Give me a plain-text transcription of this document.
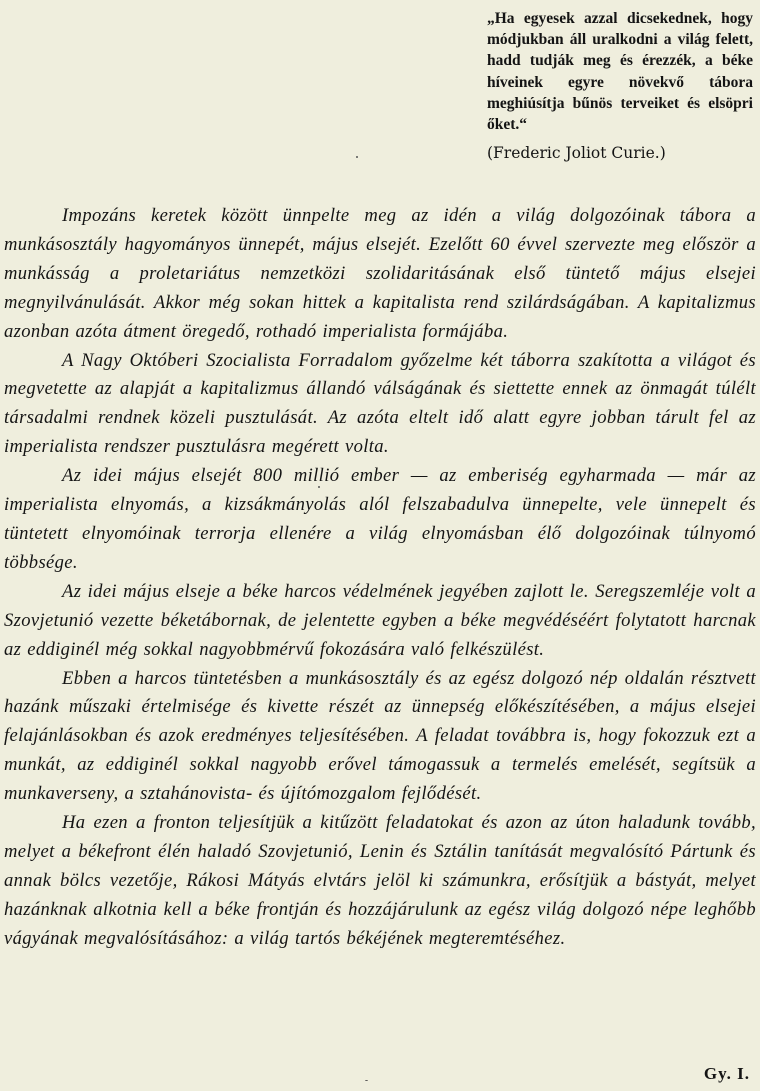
„Ha egyesek azzal dicsekednek, hogy módjukban áll uralkodni a világ felett, hadd tudják meg és érezzék, a béke híveinek egyre növekvő tábora meghiúsítja bűnös terveiket és elsöpri őket.“

(Frederic Joliot Curie.)

Impozáns keretek között ünnpelte meg az idén a világ dolgozóinak tábora a munkásosztály hagyományos ünnepét, május elsejét. Ezelőtt 60 évvel szervezte meg először a munkásság a proletariátus nemzetközi szolidaritásának első tüntető május elsejei megnyilvánulását. Akkor még sokan hittek a kapitalista rend szilárdságában. A kapitalizmus azonban azóta átment öregedő, rothadó imperialista formájába.

A Nagy Októberi Szocialista Forradalom győzelme két táborra szakította a világot és megvetette az alapját a kapitalizmus állandó válságának és siettette ennek az önmagát túlélt társadalmi rendnek közeli pusztulását. Az azóta eltelt idő alatt egyre jobban tárult fel az imperialista rendszer pusztulásra megérett volta.

Az idei május elsejét 800 millió ember — az emberiség egyharmada — már az imperialista elnyomás, a kizsákmányolás alól felszabadulva ünnepelte, vele ünnepelt és tüntetett elnyomóinak terrorja ellenére a világ elnyomásban élő dolgozóinak túlnyomó többsége.

Az idei május elseje a béke harcos védelmének jegyében zajlott le. Seregszemléje volt a Szovjetunió vezette béketábornak, de jelentette egyben a béke megvédéséért folytatott harcnak az eddiginél még sokkal nagyobbmérvű fokozására való felkészülést.

Ebben a harcos tüntetésben a munkásosztály és az egész dolgozó nép oldalán résztvett hazánk műszaki értelmisége és kivette részét az ünnepség előkészítésében, a május elsejei felajánlásokban és azok eredményes teljesítésében. A feladat továbbra is, hogy fokozzuk ezt a munkát, az eddiginél sokkal nagyobb erővel támogassuk a termelés emelését, segítsük a munkaverseny, a sztahánovista- és újítómozgalom fejlődését.

Ha ezen a fronton teljesítjük a kitűzött feladatokat és azon az úton haladunk tovább, melyet a békefront élén haladó Szovjetunió, Lenin és Sztálin tanítását megvalósító Pártunk és annak bölcs vezetője, Rákosi Mátyás elvtárs jelöl ki számunkra, erősítjük a bástyát, melyet hazánknak alkotnia kell a béke frontján és hozzájárulunk az egész világ dolgozó népe leghőbb vágyának megvalósításához: a világ tartós békéjének megteremtéséhez.

Gy. I.
